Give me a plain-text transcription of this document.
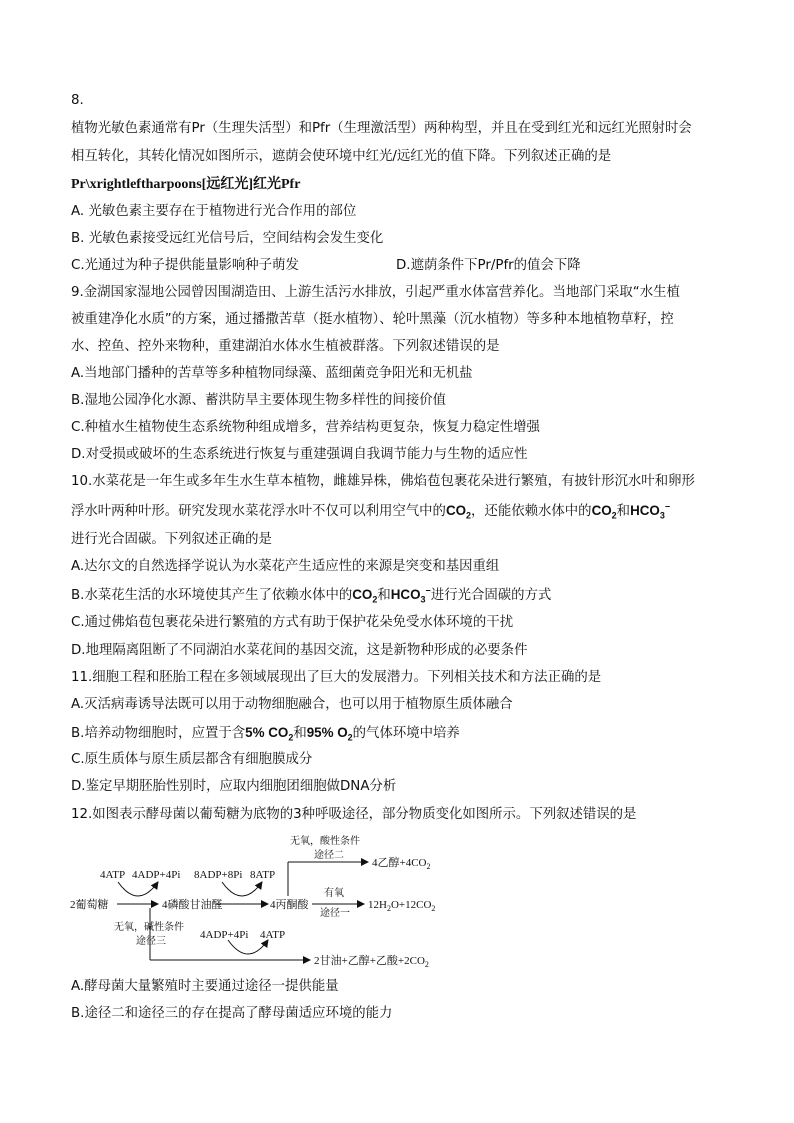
8.
植物光敏色素通常有Pr（生理失活型）和Pfr（生理激活型）两种构型，并且在受到红光和远红光照射时会
相互转化，其转化情况如图所示，遮荫会使环境中红光/远红光的值下降。下列叙述正确的是
Pr\xrightleftharpoons[远红光]红光Pfr
A. 光敏色素主要存在于植物进行光合作用的部位
B. 光敏色素接受远红光信号后，空间结构会发生变化
C.光通过为种子提供能量影响种子萌发	D.遮荫条件下Pr/Pfr的值会下降
9.金湖国家湿地公园曾因围湖造田、上游生活污水排放，引起严重水体富营养化。当地部门采取“水生植
被重建净化水质”的方案，通过播撒苦草（挺水植物）、轮叶黑藻（沉水植物）等多种本地植物草籽，控
水、控鱼、控外来物种，重建湖泊水体水生植被群落。下列叙述错误的是
A.当地部门播种的苦草等多种植物同绿藻、蓝细菌竞争阳光和无机盐
B.湿地公园净化水源、蓄洪防旱主要体现生物多样性的间接价值
C.种植水生植物使生态系统物种组成增多，营养结构更复杂，恢复力稳定性增强
D.对受损或破坏的生态系统进行恢复与重建强调自我调节能力与生物的适应性
10.水菜花是一年生或多年生水生草本植物，雌雄异株，佛焰苞包裹花朵进行繁殖，有披针形沉水叶和卵形
浮水叶两种叶形。研究发现水菜花浮水叶不仅可以利用空气中的$CO_2$，还能依赖水体中的$CO_2$和$HCO_3^-$
进行光合固碳。下列叙述正确的是
A.达尔文的自然选择学说认为水菜花产生适应性的来源是突变和基因重组
B.水菜花生活的水环境使其产生了依赖水体中的$CO_2$和$HCO_3^-$进行光合固碳的方式
C.通过佛焰苞包裹花朵进行繁殖的方式有助于保护花朵免受水体环境的干扰
D.地理隔离阻断了不同湖泊水菜花间的基因交流，这是新物种形成的必要条件
11.细胞工程和胚胎工程在多领域展现出了巨大的发展潜力。下列相关技术和方法正确的是
A.灭活病毒诱导法既可以用于动物细胞融合，也可以用于植物原生质体融合
B.培养动物细胞时，应置于含5% $CO_2$和95% $O_2$的气体环境中培养
C.原生质体与原生质层都含有细胞膜成分
D.鉴定早期胚胎性别时，应取内细胞团细胞做DNA分析
12.如图表示酵母菌以葡萄糖为底物的3种呼吸途径，部分物质变化如图所示。下列叙述错误的是
2葡萄糖
4ATP 4ADP+4Pi
4磷酸甘油醛
8ADP+8Pi 8ATP
4丙酮酸
无氧，酸性条件
途径二
4乙醇$+4CO_2$
有氧
途径一
$12H_2O+12CO_2$
无氧，碱性条件
途径三
4ADP+4Pi 4ATP
2甘油+乙醇+乙酸$+2CO_2$
A.酵母菌大量繁殖时主要通过途径一提供能量
B.途径二和途径三的存在提高了酵母菌适应环境的能力
